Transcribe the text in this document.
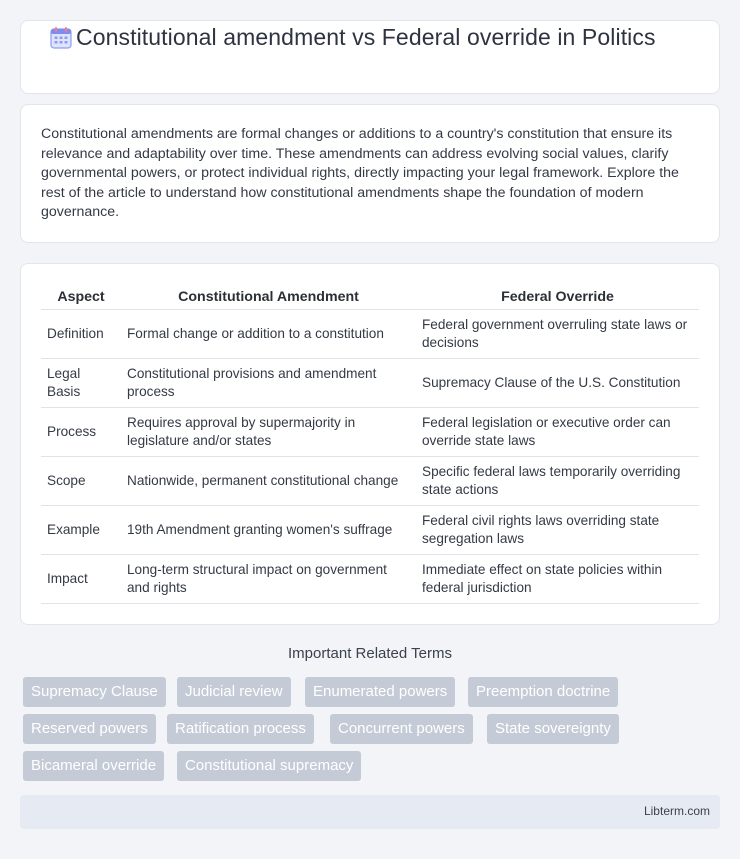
Constitutional amendment vs Federal override in Politics

Constitutional amendments are formal changes or additions to a country's constitution that ensure its relevance and adaptability over time. These amendments can address evolving social values, clarify governmental powers, or protect individual rights, directly impacting your legal framework. Explore the rest of the article to understand how constitutional amendments shape the foundation of modern governance.

Aspect	Constitutional Amendment	Federal Override
Definition	Formal change or addition to a constitution	Federal government overruling state laws or decisions
Legal Basis	Constitutional provisions and amendment process	Supremacy Clause of the U.S. Constitution
Process	Requires approval by supermajority in legislature and/or states	Federal legislation or executive order can override state laws
Scope	Nationwide, permanent constitutional change	Specific federal laws temporarily overriding state actions
Example	19th Amendment granting women's suffrage	Federal civil rights laws overriding state segregation laws
Impact	Long-term structural impact on government and rights	Immediate effect on state policies within federal jurisdiction
Important Related Terms
Supremacy Clause	Judicial review	Enumerated powers	Preemption doctrine
Reserved powers	Ratification process	Concurrent powers	State sovereignty
Bicameral override	Constitutional supremacy
Libterm.com
